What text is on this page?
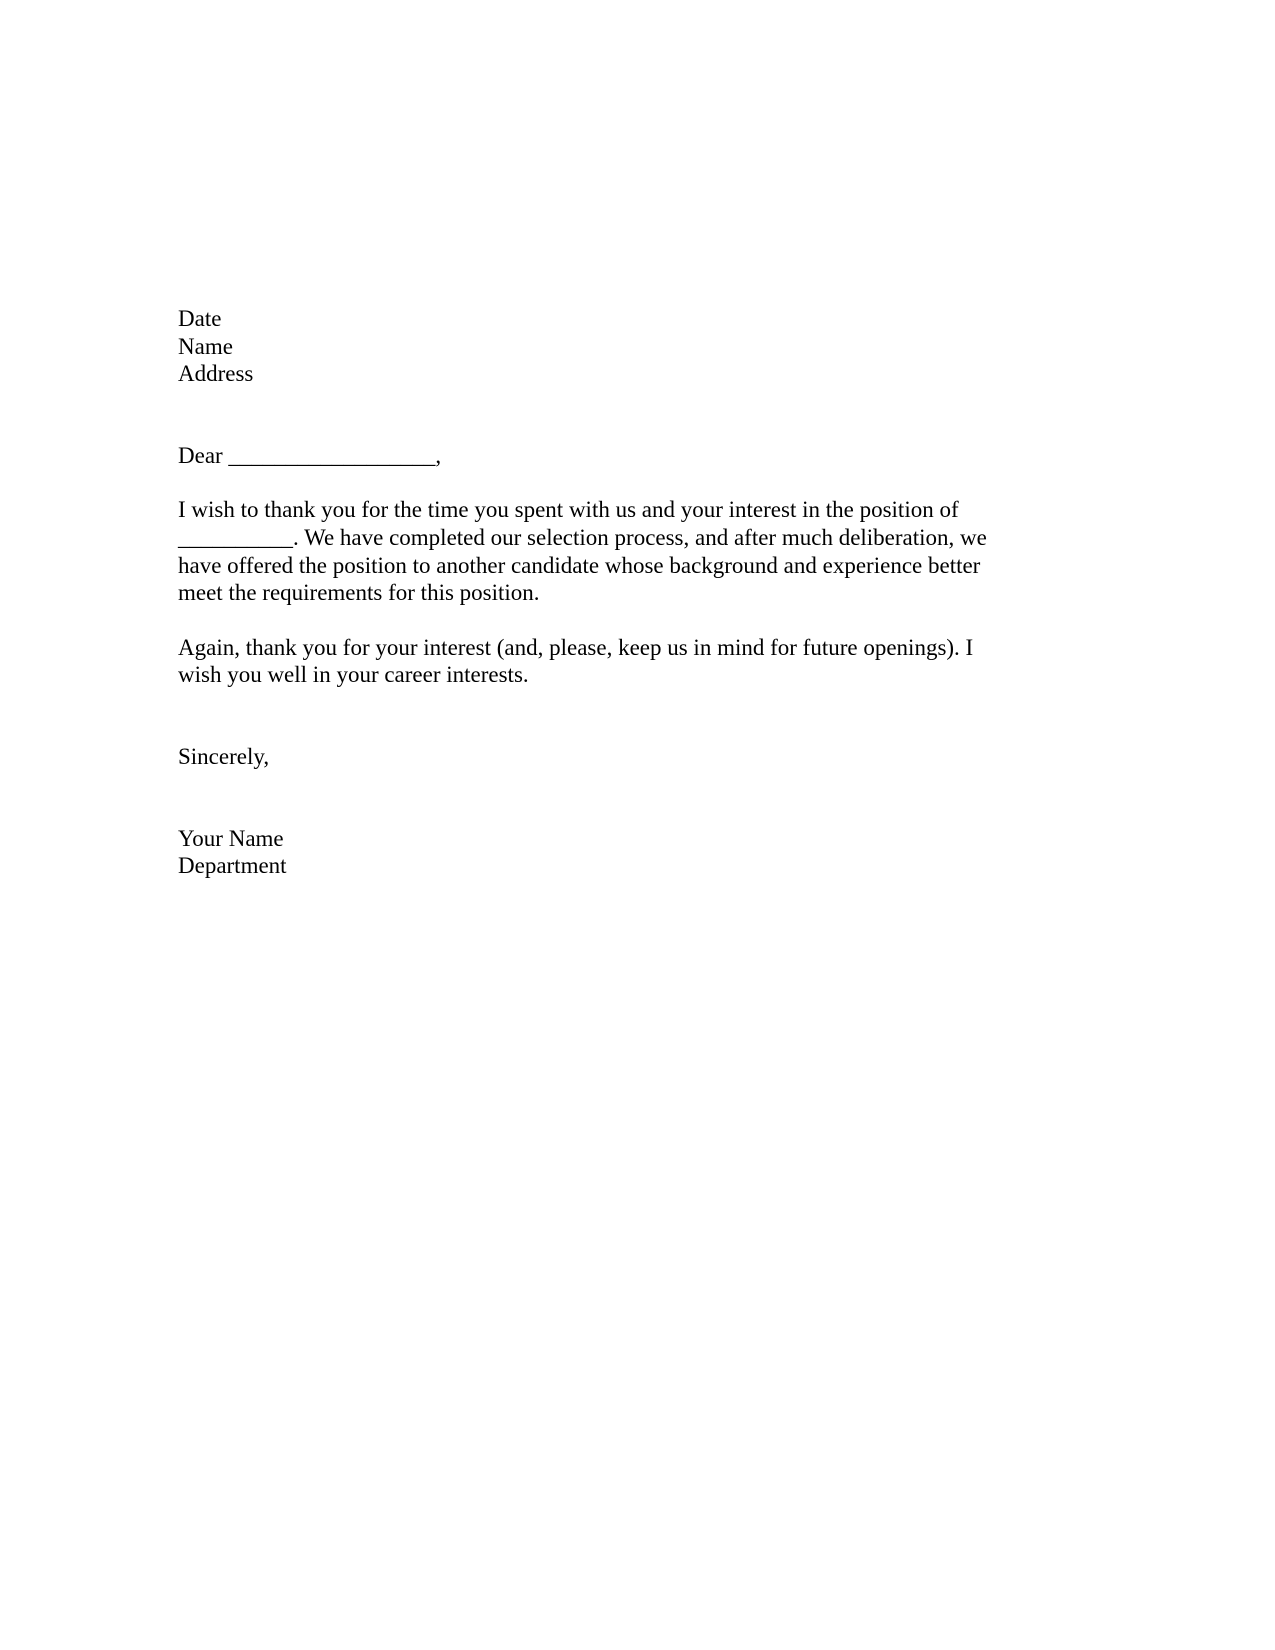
Date
Name
Address
Dear __________________,
I wish to thank you for the time you spent with us and your interest in the position of
__________. We have completed our selection process, and after much deliberation, we
have offered the position to another candidate whose background and experience better
meet the requirements for this position.
Again, thank you for your interest (and, please, keep us in mind for future openings). I
wish you well in your career interests.
Sincerely,
Your Name
Department
